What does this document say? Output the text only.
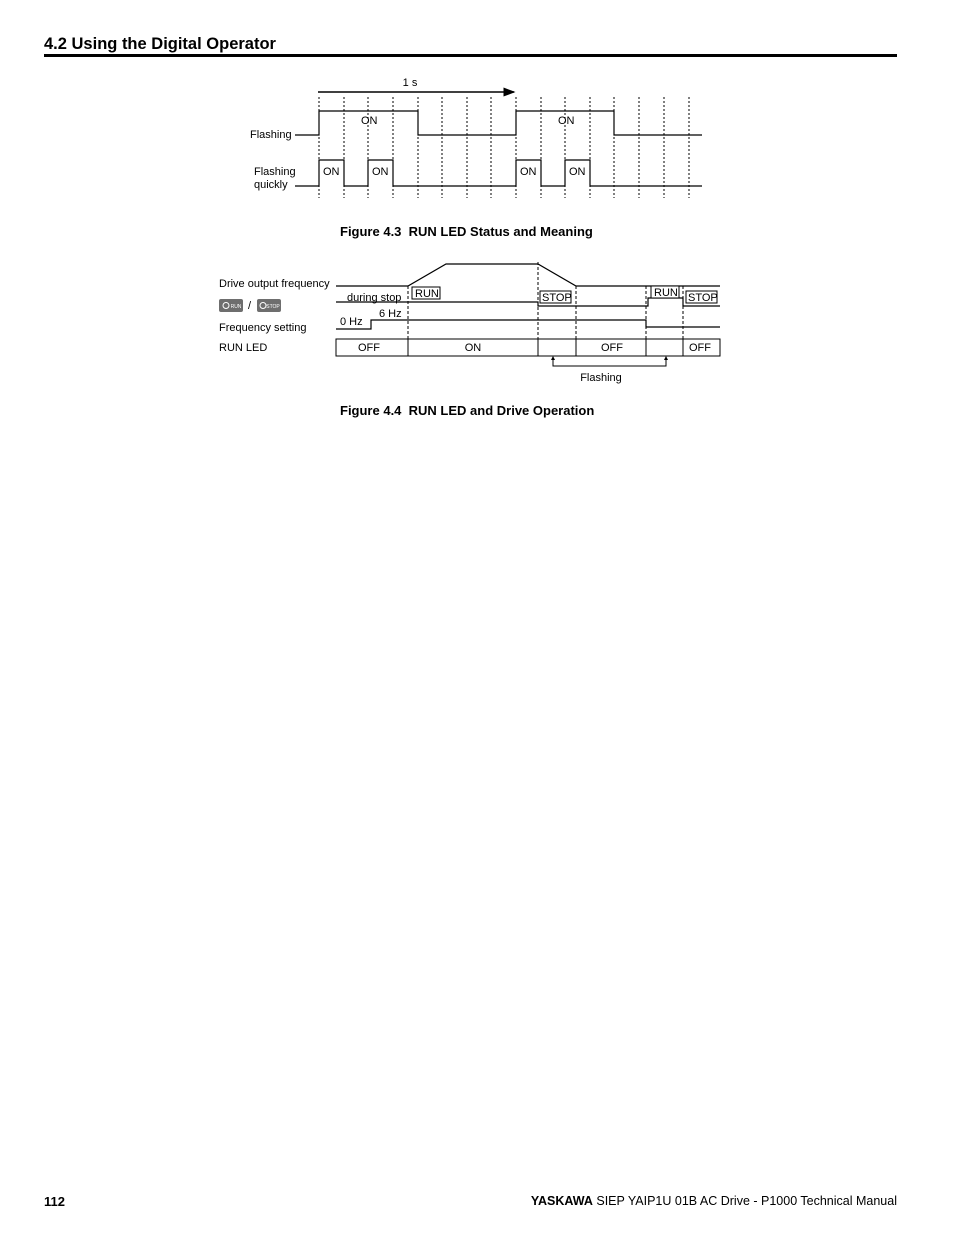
4.2 Using the Digital Operator
1 s
Flashing
ON	ON
Flashing
quickly
ON	ON	ON	ON
Drive output frequency
Frequency setting
RUN LED
RUN /	STOP
during stop RUN	STOP	RUN STOP
0 Hz
6 Hz
OFF	ON	OFF	OFF
Flashing
Figure 4.3 RUN LED Status and Meaning
Figure 4.4 RUN LED and Drive Operation
112	YASKAWA SIEP YAIP1U 01B AC Drive - P1000 Technical Manual
